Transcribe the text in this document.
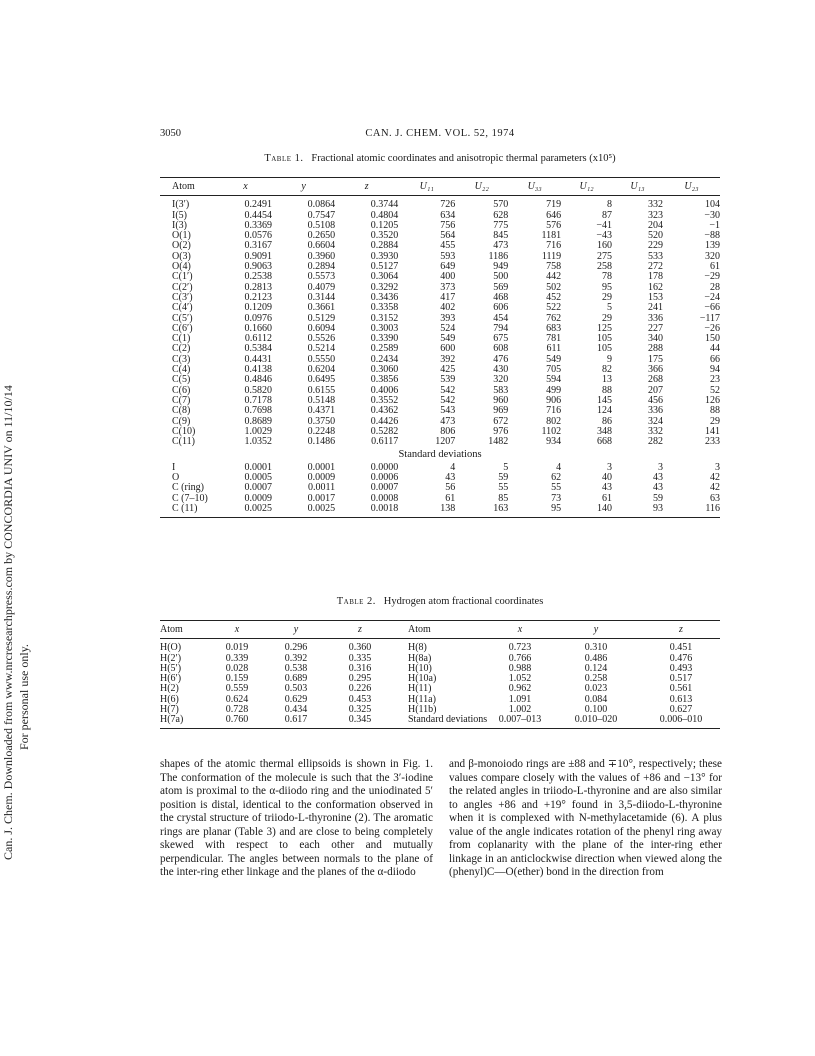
Can. J. Chem. Downloaded from www.nrcresearchpress.com by CONCORDIA UNIV on 11/10/14 For personal use only.
3050	CAN. J. CHEM. VOL. 52, 1974
Table 1. Fractional atomic coordinates and anisotropic thermal parameters (x10⁵)
Atom	x	y	z	U₁₁	U₂₂	U₃₃	U₁₂	U₁₃	U₂₃
I(3′)	0.2491	0.0864	0.3744	726	570	719	8	332	104
I(5)	0.4454	0.7547	0.4804	634	628	646	87	323	−30
I(3)	0.3369	0.5108	0.1205	756	775	576	−41	204	−1
O(1)	0.0576	0.2650	0.3520	564	845	1181	−43	520	−88
O(2)	0.3167	0.6604	0.2884	455	473	716	160	229	139
O(3)	0.9091	0.3960	0.3930	593	1186	1119	275	533	320
O(4)	0.9063	0.2894	0.5127	649	949	758	258	272	61
C(1′)	0.2538	0.5573	0.3064	400	500	442	78	178	−29
C(2′)	0.2813	0.4079	0.3292	373	569	502	95	162	28
C(3′)	0.2123	0.3144	0.3436	417	468	452	29	153	−24
C(4′)	0.1209	0.3661	0.3358	402	606	522	5	241	−66
C(5′)	0.0976	0.5129	0.3152	393	454	762	29	336	−117
C(6′)	0.1660	0.6094	0.3003	524	794	683	125	227	−26
C(1)	0.6112	0.5526	0.3390	549	675	781	105	340	150
C(2)	0.5384	0.5214	0.2589	600	608	611	105	288	44
C(3)	0.4431	0.5550	0.2434	392	476	549	9	175	66
C(4)	0.4138	0.6204	0.3060	425	430	705	82	366	94
C(5)	0.4846	0.6495	0.3856	539	320	594	13	268	23
C(6)	0.5820	0.6155	0.4006	542	583	499	88	207	52
C(7)	0.7178	0.5148	0.3552	542	960	906	145	456	126
C(8)	0.7698	0.4371	0.4362	543	969	716	124	336	88
C(9)	0.8689	0.3750	0.4426	473	672	802	86	324	29
C(10)	1.0029	0.2248	0.5282	806	976	1102	348	332	141
C(11)	1.0352	0.1486	0.6117	1207	1482	934	668	282	233
Standard deviations									
I	0.0001	0.0001	0.0000	4	5	4	3	3	3
O	0.0005	0.0009	0.0006	43	59	62	40	43	42
C (ring)	0.0007	0.0011	0.0007	56	55	55	43	43	42
C (7–10)	0.0009	0.0017	0.0008	61	85	73	61	59	63
C (11)	0.0025	0.0025	0.0018	138	163	95	140	93	116

Table 2. Hydrogen atom fractional coordinates
Atom	x	y	z	Atom	x	y	z
H(O)	0.019	0.296	0.360	H(8)	0.723	0.310	0.451
H(2′)	0.339	0.392	0.335	H(8a)	0.766	0.486	0.476
H(5′)	0.028	0.538	0.316	H(10)	0.988	0.124	0.493
H(6′)	0.159	0.689	0.295	H(10a)	1.052	0.258	0.517
H(2)	0.559	0.503	0.226	H(11)	0.962	0.023	0.561
H(6)	0.624	0.629	0.453	H(11a)	1.091	0.084	0.613
H(7)	0.728	0.434	0.325	H(11b)	1.002	0.100	0.627
H(7a)	0.760	0.617	0.345	Standard deviations	0.007–013	0.010–020	0.006–010

shapes of the atomic thermal ellipsoids is shown in Fig. 1. The conformation of the molecule is such that the 3′-iodine atom is proximal to the α-diiodo ring and the uniodinated 5′ position is distal, identical to the conformation observed in the crystal structure of triiodo-L-thyronine (2). The aromatic rings are planar (Table 3) and are close to being completely skewed with respect to each other and mutually perpendicular. The angles between normals to the plane of the inter-ring ether linkage and the planes of the α-diiodo

and β-monoiodo rings are ±88 and ∓10°, respectively; these values compare closely with the values of +86 and −13° for the related angles in triiodo-L-thyronine and are also similar to angles +86 and +19° found in 3,5-diiodo-L-thyronine when it is complexed with N-methylacetamide (6). A plus value of the angle indicates rotation of the phenyl ring away from coplanarity with the plane of the inter-ring ether linkage in an anticlockwise direction when viewed along the (phenyl)C—O(ether) bond in the direction from
